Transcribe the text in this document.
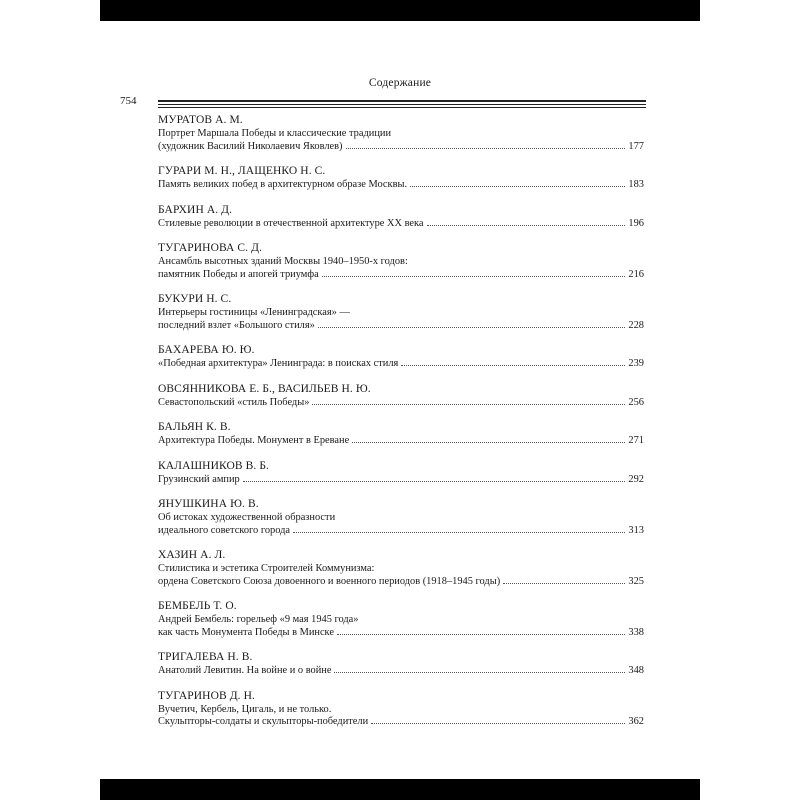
Содержание
754
МУРАТОВ А. М.
Портрет Маршала Победы и классические традиции
(художник Василий Николаевич Яковлев)	177
ГУРАРИ М. Н., ЛАЩЕНКО Н. С.
Память великих побед в архитектурном образе Москвы.	183
БАРХИН А. Д.
Стилевые революции в отечественной архитектуре XX века	196
ТУГАРИНОВА С. Д.
Ансамбль высотных зданий Москвы 1940–1950-х годов:
памятник Победы и апогей триумфа	216
БУКУРИ Н. С.
Интерьеры гостиницы «Ленинградская» —
последний взлет «Большого стиля»	228
БАХАРЕВА Ю. Ю.
«Победная архитектура» Ленинграда: в поисках стиля	239
ОВСЯННИКОВА Е. Б., ВАСИЛЬЕВ Н. Ю.
Севастопольский «стиль Победы»	256
БАЛЬЯН К. В.
Архитектура Победы. Монумент в Ереване	271
КАЛАШНИКОВ В. Б.
Грузинский ампир	292
ЯНУШКИНА Ю. В.
Об истоках художественной образности
идеального советского города	313
ХАЗИН А. Л.
Стилистика и эстетика Строителей Коммунизма:
ордена Советского Союза довоенного и военного периодов (1918–1945 годы)	325
БЕМБЕЛЬ Т. О.
Андрей Бембель: горельеф «9 мая 1945 года»
как часть Монумента Победы в Минске	338
ТРИГАЛЕВА Н. В.
Анатолий Левитин. На войне и о войне	348
ТУГАРИНОВ Д. Н.
Вучетич, Кербель, Цигаль, и не только.
Скульпторы-солдаты и скульпторы-победители	362
